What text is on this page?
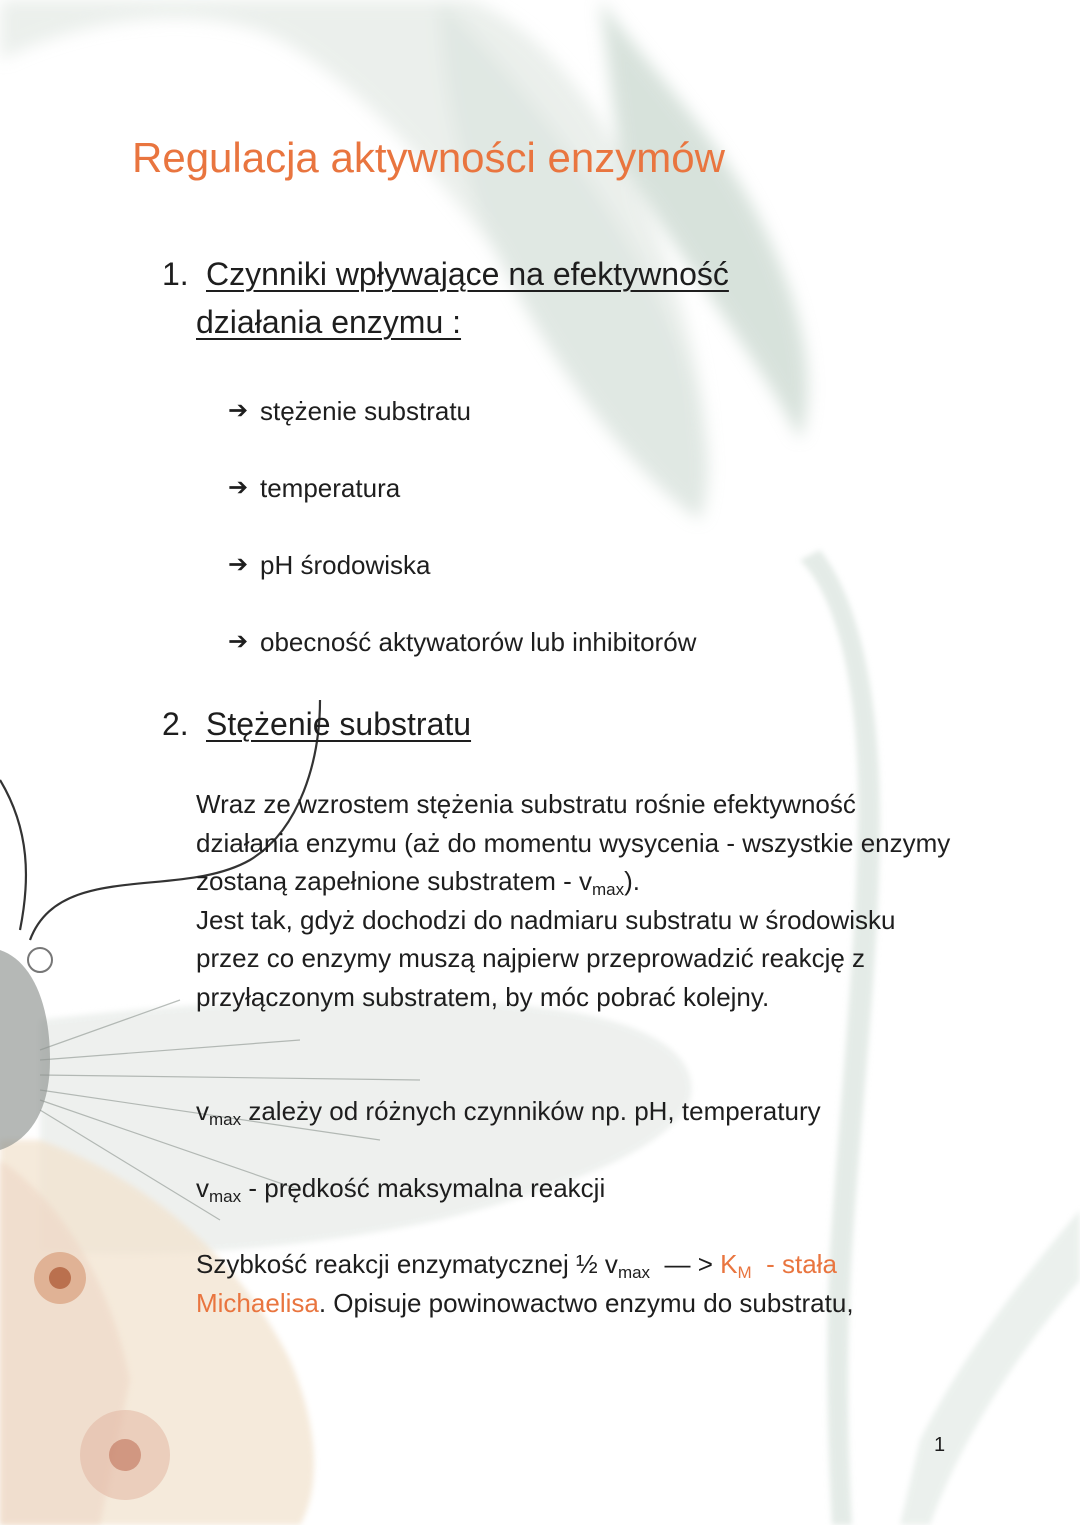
Regulacja aktywności enzymów
1. Czynniki wpływające na efektywność
działania enzymu :
➔ stężenie substratu
➔ temperatura
➔ pH środowiska
➔ obecność aktywatorów lub inhibitorów
2. Stężenie substratu

Wraz ze wzrostem stężenia substratu rośnie efektywność działania enzymu (aż do momentu wysycenia - wszystkie enzymy zostaną zapełnione substratem - $v_{max}$).

Jest tak, gdyż dochodzi do nadmiaru substratu w środowisku przez co enzymy muszą najpierw przeprowadzić reakcję z przyłączonym substratem, by móc pobrać kolejny.

$v_{max}$ zależy od różnych czynników np. pH, temperatury

$v_{max}$ - prędkość maksymalna reakcji

Szybkość reakcji enzymatycznej ½ $v_{max}$  — > $K_M$  - stała
Michaelisa. Opisuje powinowactwo enzymu do substratu,

1
